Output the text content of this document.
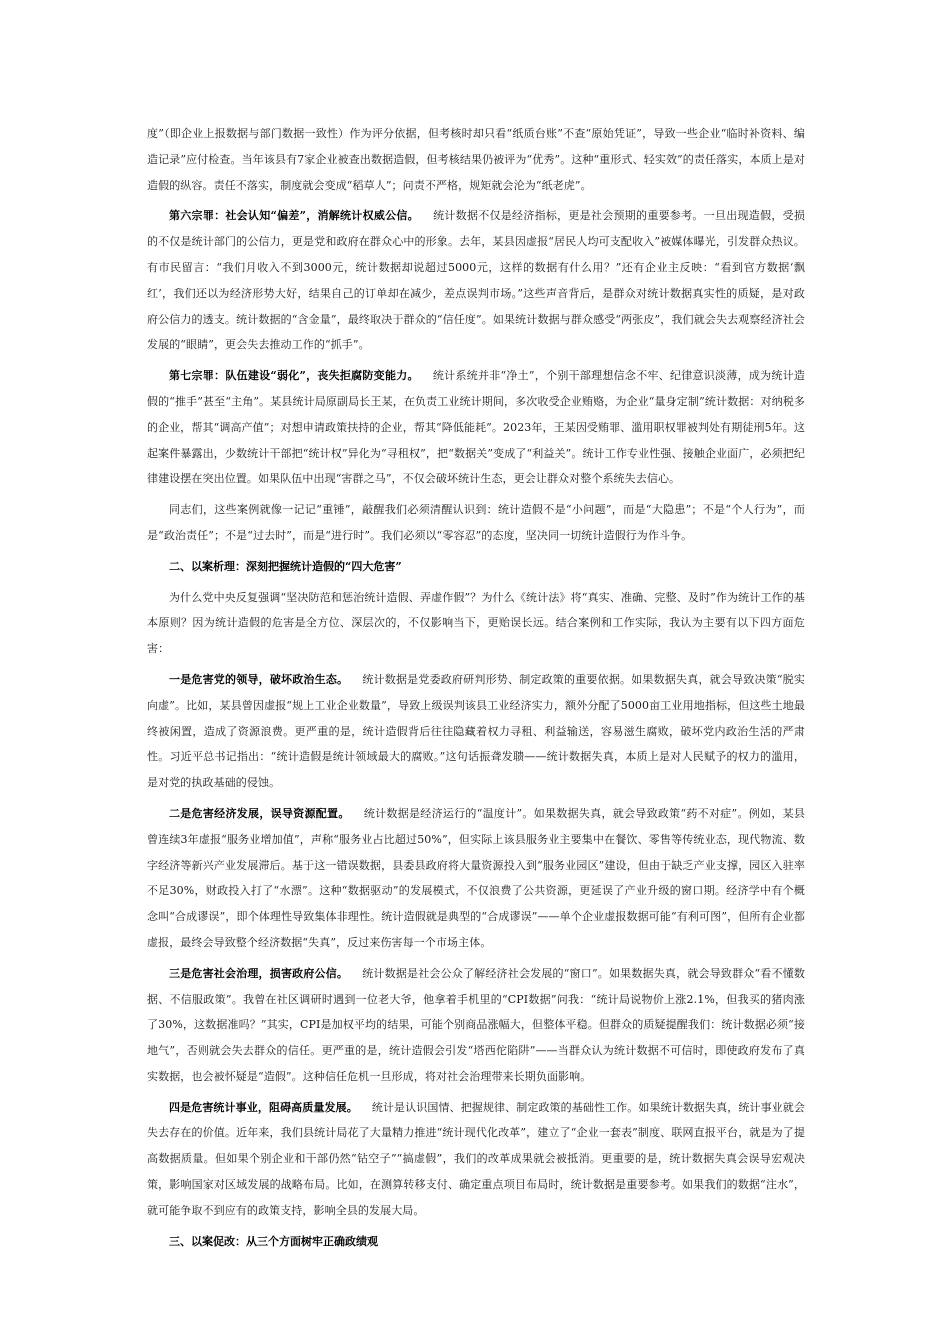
度”（即企业上报数据与部门数据一致性）作为评分依据，但考核时却只看“纸质台账”不查“原始凭证”，导致一些企业“临时补资料、编造记录”应付检查。当年该县有7家企业被查出数据造假，但考核结果仍被评为“优秀”。这种“重形式、轻实效”的责任落实，本质上是对造假的纵容。责任不落实，制度就会变成“稻草人”；问责不严格，规矩就会沦为“纸老虎”。

第六宗罪：社会认知“偏差”，消解统计权威公信。 统计数据不仅是经济指标，更是社会预期的重要参考。一旦出现造假，受损的不仅是统计部门的公信力，更是党和政府在群众心中的形象。去年，某县因虚报“居民人均可支配收入”被媒体曝光，引发群众热议。有市民留言：“我们月收入不到3000元，统计数据却说超过5000元，这样的数据有什么用？”还有企业主反映：“看到官方数据‘飘红’，我们还以为经济形势大好，结果自己的订单却在减少，差点误判市场。”这些声音背后，是群众对统计数据真实性的质疑，是对政府公信力的透支。统计数据的“含金量”，最终取决于群众的“信任度”。如果统计数据与群众感受“两张皮”，我们就会失去观察经济社会发展的“眼睛”，更会失去推动工作的“抓手”。

第七宗罪：队伍建设“弱化”，丧失拒腐防变能力。 统计系统并非“净土”，个别干部理想信念不牢、纪律意识淡薄，成为统计造假的“推手”甚至“主角”。某县统计局原副局长王某，在负责工业统计期间，多次收受企业贿赂，为企业“量身定制”统计数据：对纳税多的企业，帮其“调高产值”；对想申请政策扶持的企业，帮其“降低能耗”。2023年，王某因受贿罪、滥用职权罪被判处有期徒刑5年。这起案件暴露出，少数统计干部把“统计权”异化为“寻租权”，把“数据关”变成了“利益关”。统计工作专业性强、接触企业面广，必须把纪律建设摆在突出位置。如果队伍中出现“害群之马”，不仅会破坏统计生态，更会让群众对整个系统失去信心。

同志们，这些案例就像一记记“重锤”，敲醒我们必须清醒认识到：统计造假不是“小问题”，而是“大隐患”；不是“个人行为”，而是“政治责任”；不是“过去时”，而是“进行时”。我们必须以“零容忍”的态度，坚决同一切统计造假行为作斗争。

二、以案析理：深刻把握统计造假的“四大危害”

为什么党中央反复强调“坚决防范和惩治统计造假、弄虚作假”？为什么《统计法》将“真实、准确、完整、及时”作为统计工作的基本原则？因为统计造假的危害是全方位、深层次的，不仅影响当下，更贻误长远。结合案例和工作实际，我认为主要有以下四方面危害：

一是危害党的领导，破坏政治生态。 统计数据是党委政府研判形势、制定政策的重要依据。如果数据失真，就会导致决策“脱实向虚”。比如，某县曾因虚报“规上工业企业数量”，导致上级误判该县工业经济实力，额外分配了5000亩工业用地指标，但这些土地最终被闲置，造成了资源浪费。更严重的是，统计造假背后往往隐藏着权力寻租、利益输送，容易滋生腐败，破坏党内政治生活的严肃性。习近平总书记指出：“统计造假是统计领域最大的腐败。”这句话振聋发聩——统计数据失真，本质上是对人民赋予的权力的滥用，是对党的执政基础的侵蚀。

二是危害经济发展，误导资源配置。 统计数据是经济运行的“温度计”。如果数据失真，就会导致政策“药不对症”。例如，某县曾连续3年虚报“服务业增加值”，声称“服务业占比超过50%”，但实际上该县服务业主要集中在餐饮、零售等传统业态，现代物流、数字经济等新兴产业发展滞后。基于这一错误数据，县委县政府将大量资源投入到“服务业园区”建设，但由于缺乏产业支撑，园区入驻率不足30%，财政投入打了“水漂”。这种“数据驱动”的发展模式，不仅浪费了公共资源，更延误了产业升级的窗口期。经济学中有个概念叫“合成谬误”，即个体理性导致集体非理性。统计造假就是典型的“合成谬误”——单个企业虚报数据可能“有利可图”，但所有企业都虚报，最终会导致整个经济数据“失真”，反过来伤害每一个市场主体。

三是危害社会治理，损害政府公信。 统计数据是社会公众了解经济社会发展的“窗口”。如果数据失真，就会导致群众“看不懂数据、不信服政策”。我曾在社区调研时遇到一位老大爷，他拿着手机里的“CPI数据”问我：“统计局说物价上涨2.1%，但我买的猪肉涨了30%，这数据准吗？”其实，CPI是加权平均的结果，可能个别商品涨幅大，但整体平稳。但群众的质疑提醒我们：统计数据必须“接地气”，否则就会失去群众的信任。更严重的是，统计造假会引发“塔西佗陷阱”——当群众认为统计数据不可信时，即使政府发布了真实数据，也会被怀疑是“造假”。这种信任危机一旦形成，将对社会治理带来长期负面影响。

四是危害统计事业，阻碍高质量发展。 统计是认识国情、把握规律、制定政策的基础性工作。如果统计数据失真，统计事业就会失去存在的价值。近年来，我们县统计局花了大量精力推进“统计现代化改革”，建立了“企业一套表”制度、联网直报平台，就是为了提高数据质量。但如果个别企业和干部仍然“钻空子”“搞虚假”，我们的改革成果就会被抵消。更重要的是，统计数据失真会误导宏观决策，影响国家对区域发展的战略布局。比如，在测算转移支付、确定重点项目布局时，统计数据是重要参考。如果我们的数据“注水”，就可能争取不到应有的政策支持，影响全县的发展大局。

三、以案促改：从三个方面树牢正确政绩观
